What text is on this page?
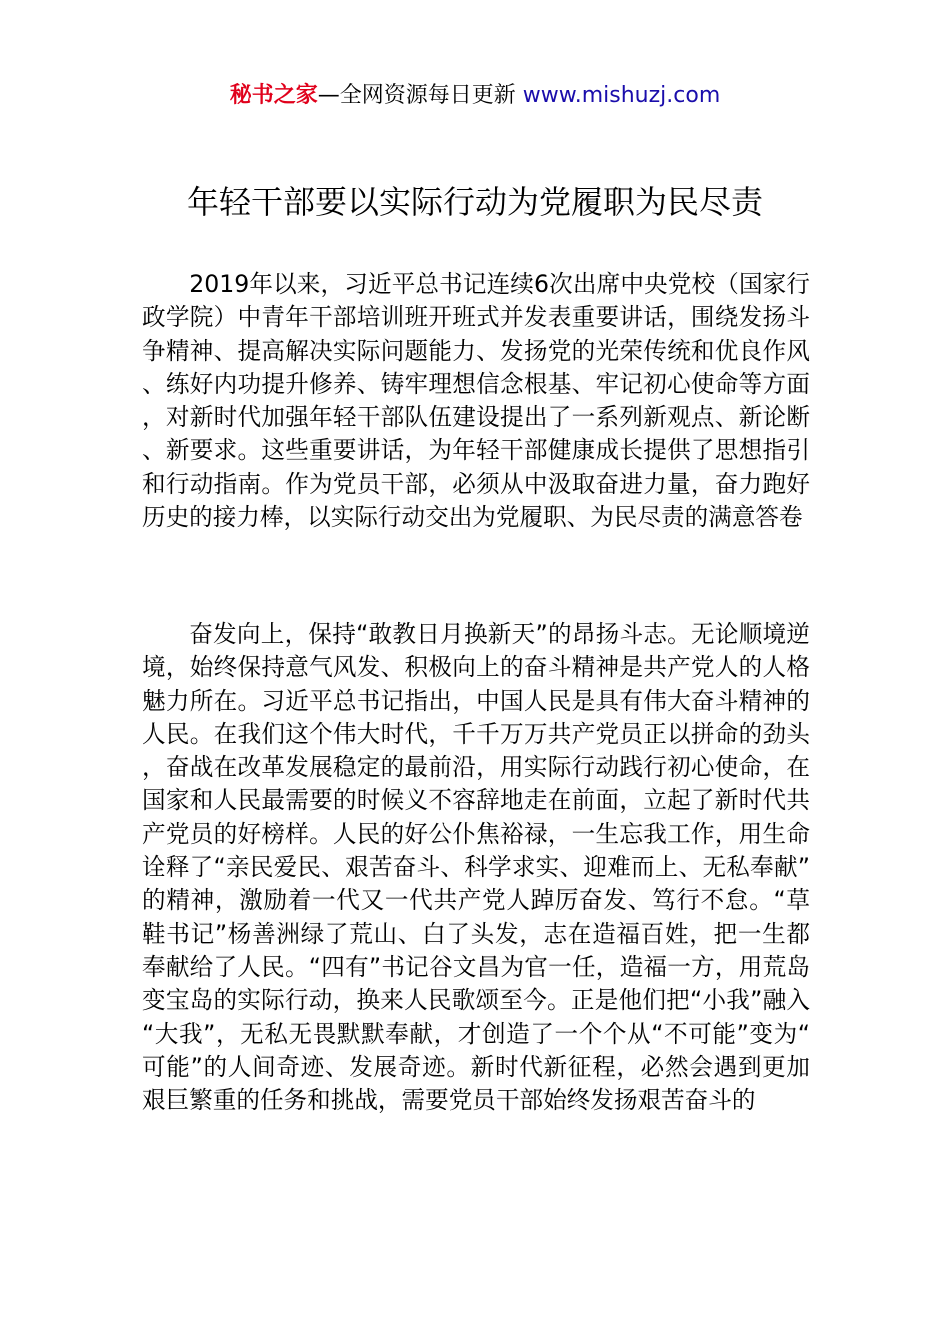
秘书之家—全网资源每日更新 www.mishuzj.com
年轻干部要以实际行动为党履职为民尽责

2019年以来，习近平总书记连续6次出席中央党校（国家行政学院）中青年干部培训班开班式并发表重要讲话，围绕发扬斗争精神、提高解决实际问题能力、发扬党的光荣传统和优良作风、练好内功提升修养、铸牢理想信念根基、牢记初心使命等方面，对新时代加强年轻干部队伍建设提出了一系列新观点、新论断、新要求。这些重要讲话，为年轻干部健康成长提供了思想指引和行动指南。作为党员干部，必须从中汲取奋进力量，奋力跑好历史的接力棒，以实际行动交出为党履职、为民尽责的满意答卷

奋发向上，保持“敢教日月换新天”的昂扬斗志。无论顺境逆境，始终保持意气风发、积极向上的奋斗精神是共产党人的人格魅力所在。习近平总书记指出，中国人民是具有伟大奋斗精神的人民。在我们这个伟大时代，千千万万共产党员正以拼命的劲头，奋战在改革发展稳定的最前沿，用实际行动践行初心使命，在国家和人民最需要的时候义不容辞地走在前面，立起了新时代共产党员的好榜样。人民的好公仆焦裕禄，一生忘我工作，用生命诠释了“亲民爱民、艰苦奋斗、科学求实、迎难而上、无私奉献”的精神，激励着一代又一代共产党人踔厉奋发、笃行不怠。“草鞋书记”杨善洲绿了荒山、白了头发，志在造福百姓，把一生都奉献给了人民。“四有”书记谷文昌为官一任，造福一方，用荒岛变宝岛的实际行动，换来人民歌颂至今。正是他们把“小我”融入“大我”，无私无畏默默奉献，才创造了一个个从“不可能”变为“可能”的人间奇迹、发展奇迹。新时代新征程，必然会遇到更加艰巨繁重的任务和挑战，需要党员干部始终发扬艰苦奋斗的
